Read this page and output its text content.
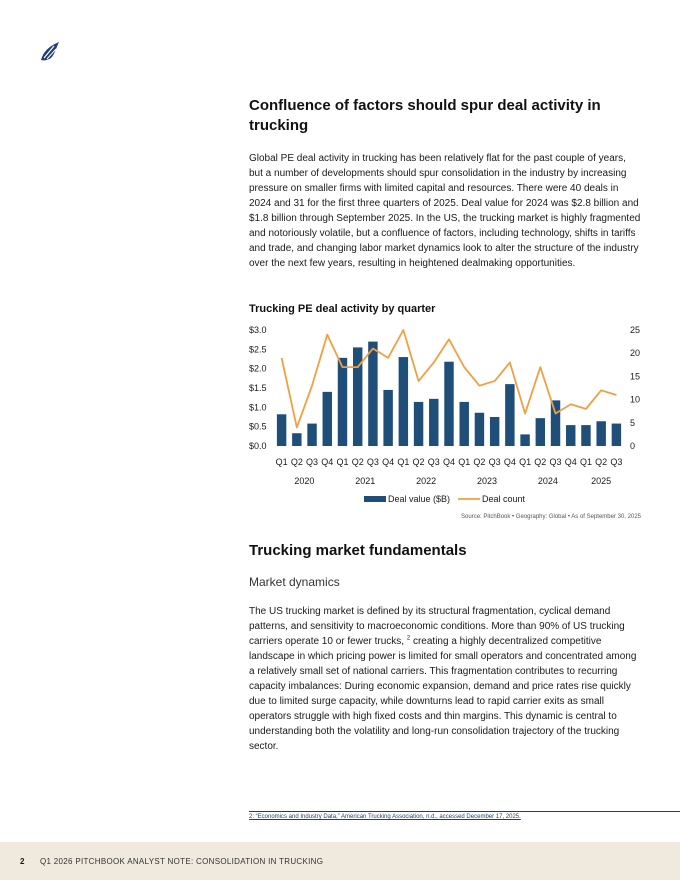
Confluence of factors should spur deal activity in trucking
Global PE deal activity in trucking has been relatively flat for the past couple of years, but a number of developments should spur consolidation in the industry by increasing pressure on smaller firms with limited capital and resources. There were 40 deals in 2024 and 31 for the first three quarters of 2025. Deal value for 2024 was $2.8 billion and $1.8 billion through September 2025. In the US, the trucking market is highly fragmented and notoriously volatile, but a confluence of factors, including technology, shifts in tariffs and trade, and changing labor market dynamics look to alter the structure of the industry over the next few years, resulting in heightened dealmaking opportunities.
Trucking PE deal activity by quarter
$0.0
$0.5
$1.0
$1.5
$2.0
$2.5
$3.0
0
5
10
15
20
25
Q1 Q2 Q3 Q4 Q1 Q2 Q3 Q4 Q1 Q2 Q3 Q4 Q1 Q2 Q3 Q4 Q1 Q2 Q3 Q4 Q1 Q2 Q3
2020	2021	2022	2023	2024	2025
Deal value ($B)	Deal count
Source: PitchBook • Geography: Global • As of September 30, 2025
Trucking market fundamentals
Market dynamics
The US trucking market is defined by its structural fragmentation, cyclical demand patterns, and sensitivity to macroeconomic conditions. More than 90% of US trucking carriers operate 10 or fewer trucks, $^2$ creating a highly decentralized competitive landscape in which pricing power is limited for small operators and concentrated among a relatively small set of national carriers. This fragmentation contributes to recurring capacity imbalances: During economic expansion, demand and price rates rise quickly due to limited surge capacity, while downturns lead to rapid carrier exits as small operators struggle with high fixed costs and thin margins. This dynamic is central to understanding both the volatility and long-run consolidation trajectory of the trucking sector.
2: “Economics and Industry Data,” American Trucking Association, n.d., accessed December 17, 2025.
2 Q1 2026 PITCHBOOK ANALYST NOTE: CONSOLIDATION IN TRUCKING
